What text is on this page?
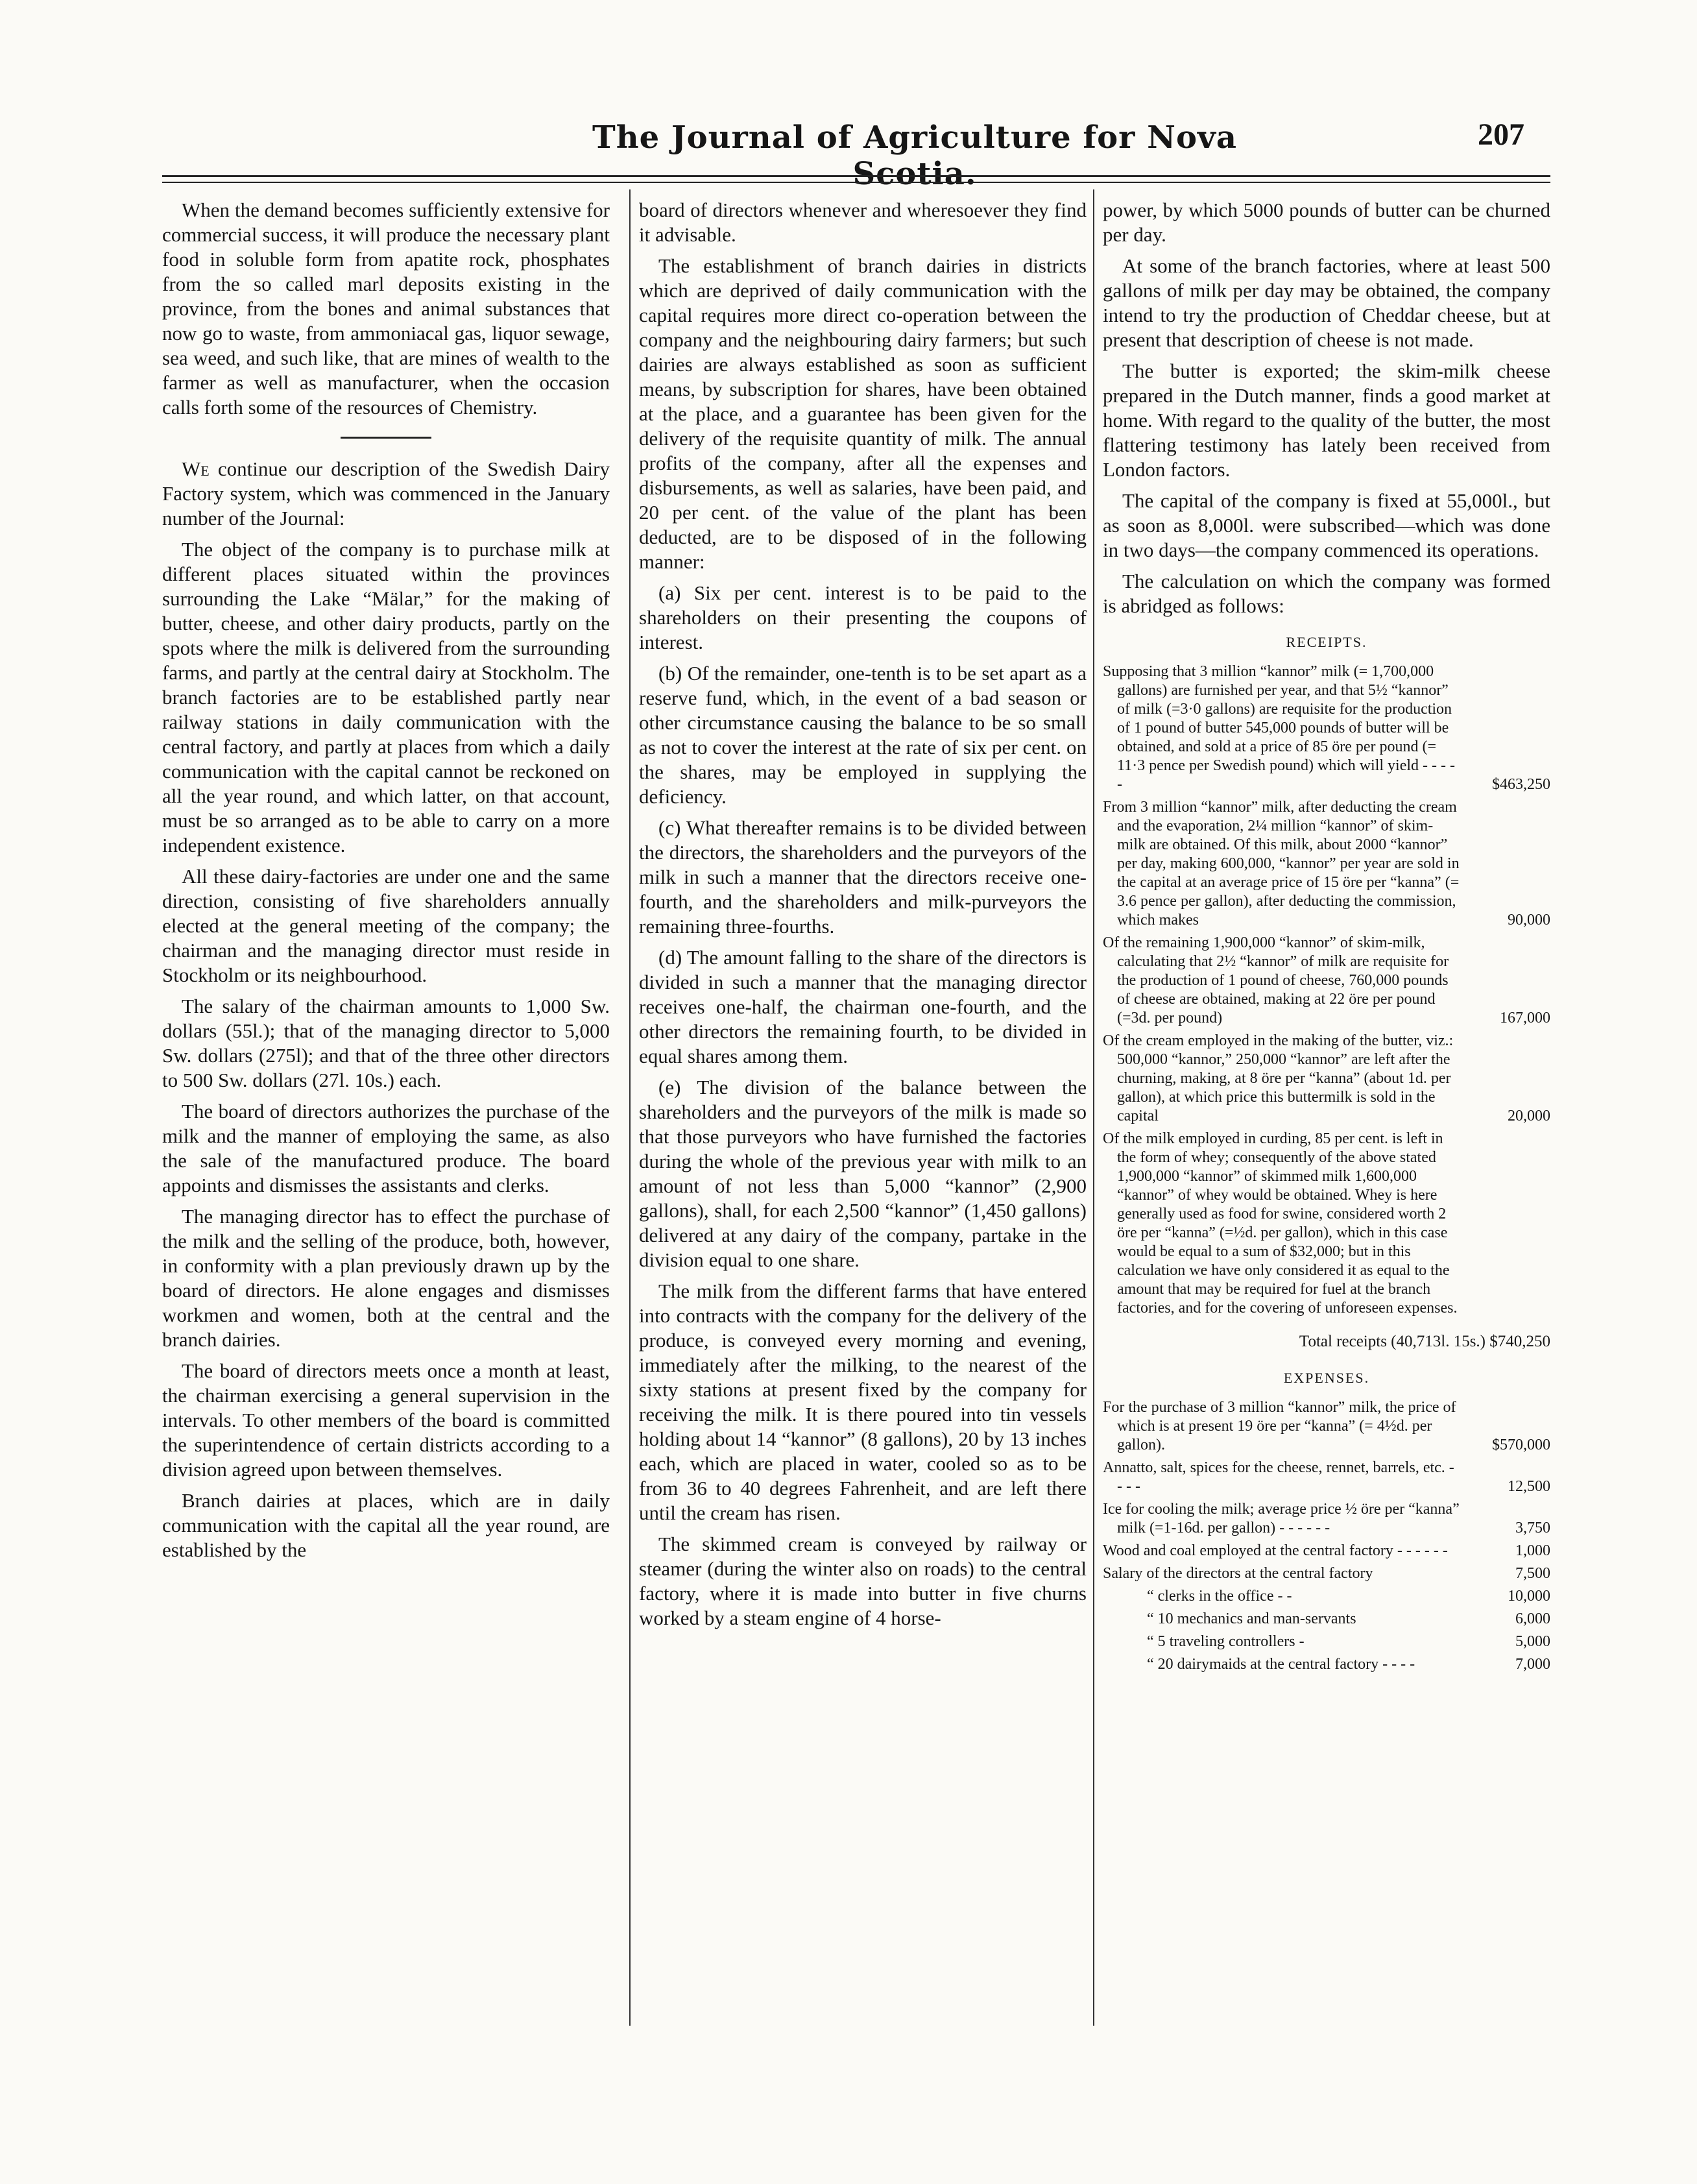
The Journal of Agriculture for Nova Scotia.
207

When the demand becomes sufficiently extensive for commercial success, it will produce the necessary plant food in soluble form from apatite rock, phosphates from the so called marl deposits existing in the province, from the bones and animal substances that now go to waste, from ammoniacal gas, liquor sewage, sea weed, and such like, that are mines of wealth to the farmer as well as manufacturer, when the occasion calls forth some of the resources of Chemistry.

We continue our description of the Swedish Dairy Factory system, which was commenced in the January number of the Journal:

The object of the company is to purchase milk at different places situated within the provinces surrounding the Lake “Mälar,” for the making of butter, cheese, and other dairy products, partly on the spots where the milk is delivered from the surrounding farms, and partly at the central dairy at Stockholm. The branch factories are to be established partly near railway stations in daily communication with the central factory, and partly at places from which a daily communication with the capital cannot be reckoned on all the year round, and which latter, on that account, must be so arranged as to be able to carry on a more independent existence.

All these dairy-factories are under one and the same direction, consisting of five shareholders annually elected at the general meeting of the company; the chairman and the managing director must reside in Stockholm or its neighbourhood.

The salary of the chairman amounts to 1,000 Sw. dollars (55l.); that of the managing director to 5,000 Sw. dollars (275l); and that of the three other directors to 500 Sw. dollars (27l. 10s.) each.

The board of directors authorizes the purchase of the milk and the manner of employing the same, as also the sale of the manufactured produce. The board appoints and dismisses the assistants and clerks.

The managing director has to effect the purchase of the milk and the selling of the produce, both, however, in conformity with a plan previously drawn up by the board of directors. He alone engages and dismisses workmen and women, both at the central and the branch dairies.

The board of directors meets once a month at least, the chairman exercising a general supervision in the intervals. To other members of the board is committed the superintendence of certain districts according to a division agreed upon between themselves.

Branch dairies at places, which are in daily communication with the capital all the year round, are established by the

board of directors whenever and wheresoever they find it advisable.

The establishment of branch dairies in districts which are deprived of daily communication with the capital requires more direct co-operation between the company and the neighbouring dairy farmers; but such dairies are always established as soon as sufficient means, by subscription for shares, have been obtained at the place, and a guarantee has been given for the delivery of the requisite quantity of milk. The annual profits of the company, after all the expenses and disbursements, as well as salaries, have been paid, and 20 per cent. of the value of the plant has been deducted, are to be disposed of in the following manner:

(a) Six per cent. interest is to be paid to the shareholders on their presenting the coupons of interest.

(b) Of the remainder, one-tenth is to be set apart as a reserve fund, which, in the event of a bad season or other circumstance causing the balance to be so small as not to cover the interest at the rate of six per cent. on the shares, may be employed in supplying the deficiency.

(c) What thereafter remains is to be divided between the directors, the shareholders and the purveyors of the milk in such a manner that the directors receive one-fourth, and the shareholders and milk-purveyors the remaining three-fourths.

(d) The amount falling to the share of the directors is divided in such a manner that the managing director receives one-half, the chairman one-fourth, and the other directors the remaining fourth, to be divided in equal shares among them.

(e) The division of the balance between the shareholders and the purveyors of the milk is made so that those purveyors who have furnished the factories during the whole of the previous year with milk to an amount of not less than 5,000 “kannor” (2,900 gallons), shall, for each 2,500 “kannor” (1,450 gallons) delivered at any dairy of the company, partake in the division equal to one share.

The milk from the different farms that have entered into contracts with the company for the delivery of the produce, is conveyed every morning and evening, immediately after the milking, to the nearest of the sixty stations at present fixed by the company for receiving the milk. It is there poured into tin vessels holding about 14 “kannor” (8 gallons), 20 by 13 inches each, which are placed in water, cooled so as to be from 36 to 40 degrees Fahrenheit, and are left there until the cream has risen.

The skimmed cream is conveyed by railway or steamer (during the winter also on roads) to the central factory, where it is made into butter in five churns worked by a steam engine of 4 horse-

power, by which 5000 pounds of butter can be churned per day.

At some of the branch factories, where at least 500 gallons of milk per day may be obtained, the company intend to try the production of Cheddar cheese, but at present that description of cheese is not made.

The butter is exported; the skim-milk cheese prepared in the Dutch manner, finds a good market at home. With regard to the quality of the butter, the most flattering testimony has lately been received from London factors.

The capital of the company is fixed at 55,000l., but as soon as 8,000l. were subscribed—which was done in two days—the company commenced its operations.

The calculation on which the company was formed is abridged as follows:

RECEIPTS.
Supposing that 3 million “kannor” milk (= 1,700,000 gallons) are furnished per year, and that 5½ “kannor” of milk (=3·0 gallons) are requisite for the production of 1 pound of butter 545,000 pounds of butter will be obtained, and sold at a price of 85 öre per pound (= 11·3 pence per Swedish pound) which will yield - - - - -	$463,250
From 3 million “kannor” milk, after deducting the cream and the evaporation, 2¼ million “kannor” of skim-milk are obtained. Of this milk, about 2000 “kannor” per day, making 600,000, “kannor” per year are sold in the capital at an average price of 15 öre per “kanna” (= 3.6 pence per gallon), after deducting the commission, which makes	90,000
Of the remaining 1,900,000 “kannor” of skim-milk, calculating that 2½ “kannor” of milk are requisite for the production of 1 pound of cheese, 760,000 pounds of cheese are obtained, making at 22 öre per pound (=3d. per pound)	167,000
Of the cream employed in the making of the butter, viz.: 500,000 “kannor,” 250,000 “kannor” are left after the churning, making, at 8 öre per “kanna” (about 1d. per gallon), at which price this buttermilk is sold in the capital	20,000
Of the milk employed in curding, 85 per cent. is left in the form of whey; consequently of the above stated 1,900,000 “kannor” of skimmed milk 1,600,000 “kannor” of whey would be obtained. Whey is here generally used as food for swine, considered worth 2 öre per “kanna” (=½d. per gallon), which in this case would be equal to a sum of $32,000; but in this calculation we have only considered it as equal to the amount that may be required for fuel at the branch factories, and for the covering of unforeseen expenses.
Total receipts (40,713l. 15s.) $740,250
EXPENSES.
For the purchase of 3 million “kannor” milk, the price of which is at present 19 öre per “kanna” (= 4½d. per gallon).	$570,000
Annatto, salt, spices for the cheese, rennet, barrels, etc. - - - -	12,500
Ice for cooling the milk; average price ½ öre per “kanna” milk (=1-16d. per gallon) - - - - - -	3,750
Wood and coal employed at the central factory - - - - - -	1,000
Salary of the directors at the central factory	7,500
“ clerks in the office - -	10,000
“ 10 mechanics and man-servants	6,000
“ 5 traveling controllers -	5,000
“ 20 dairymaids at the central factory - - - -	7,000
